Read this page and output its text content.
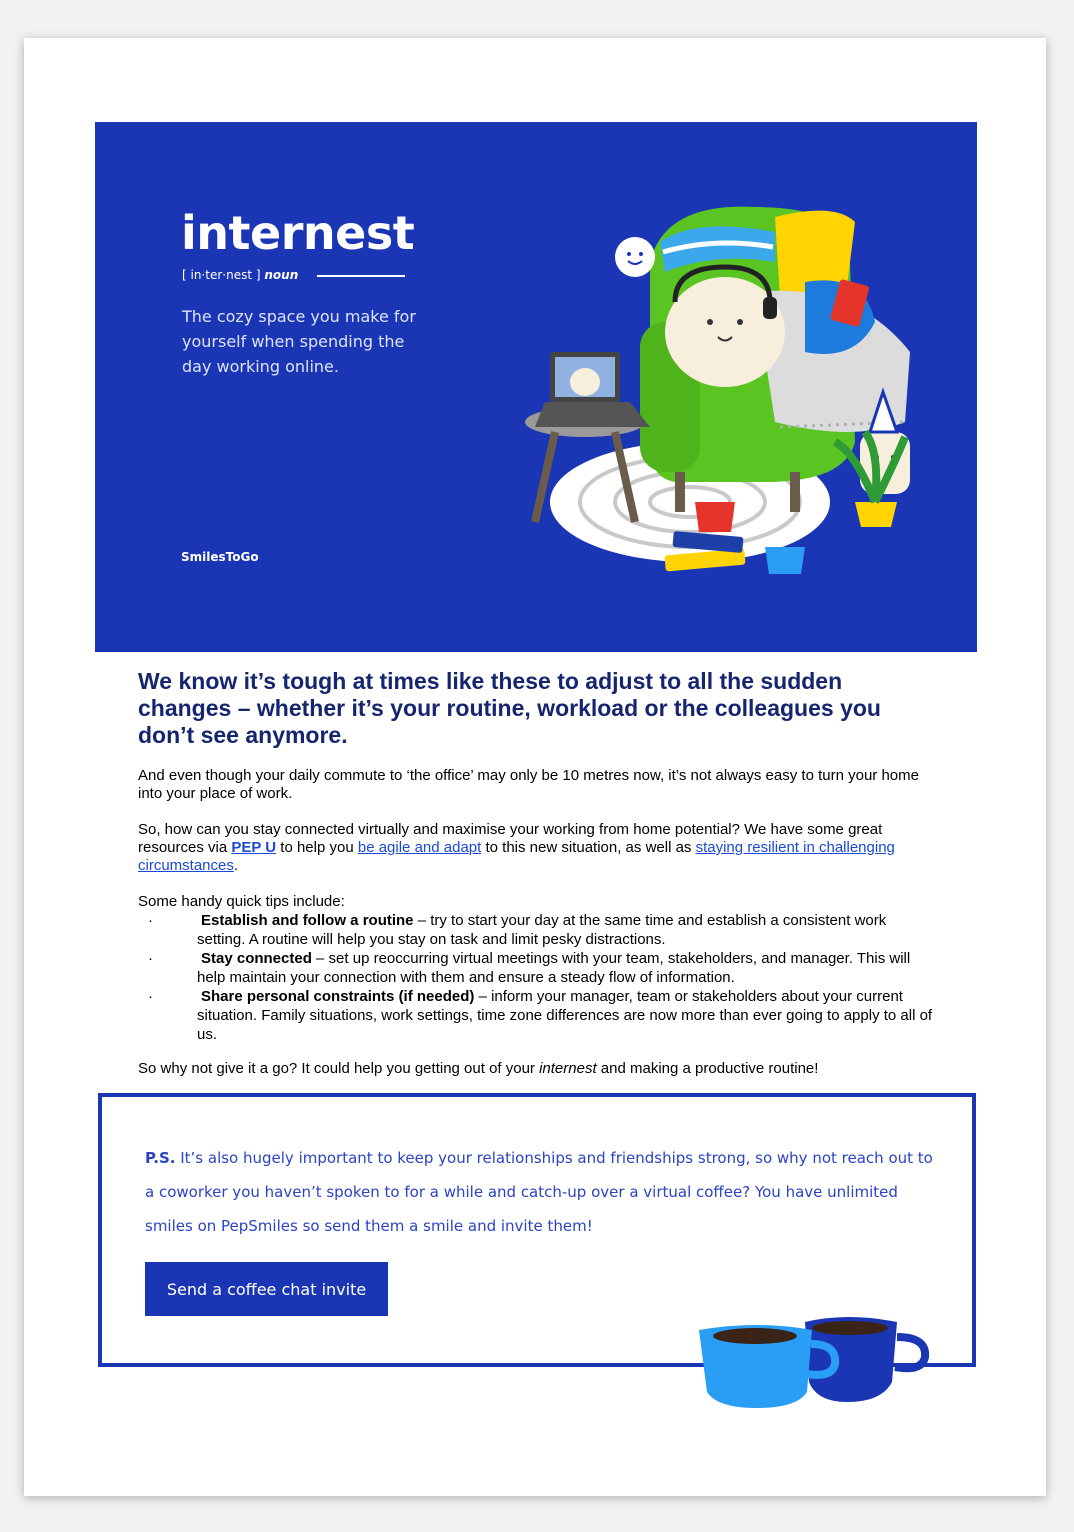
internest
[ in·ter·nest ] noun
The cozy space you make for yourself when spending the day working online.
SmilesToGo
We know it’s tough at times like these to adjust to all the sudden changes – whether it’s your routine, workload or the colleagues you don’t see anymore.

And even though your daily commute to ‘the office’ may only be 10 metres now, it’s not always easy to turn your home into your place of work.

So, how can you stay connected virtually and maximise your working from home potential? We have some great resources via PEP U to help you be agile and adapt to this new situation, as well as staying resilient in challenging circumstances.

Some handy quick tips include:

·	Establish and follow a routine – try to start your day at the same time and establish a consistent work setting. A routine will help you stay on task and limit pesky distractions.
·	Stay connected – set up reoccurring virtual meetings with your team, stakeholders, and manager. This will help maintain your connection with them and ensure a steady flow of information.
·	Share personal constraints (if needed) – inform your manager, team or stakeholders about your current situation. Family situations, work settings, time zone differences are now more than ever going to apply to all of us.

So why not give it a go? It could help you getting out of your internest and making a productive routine!

P.S. It’s also hugely important to keep your relationships and friendships strong, so why not reach out to a coworker you haven’t spoken to for a while and catch-up over a virtual coffee? You have unlimited smiles on PepSmiles so send them a smile and invite them!
Send a coffee chat invite
